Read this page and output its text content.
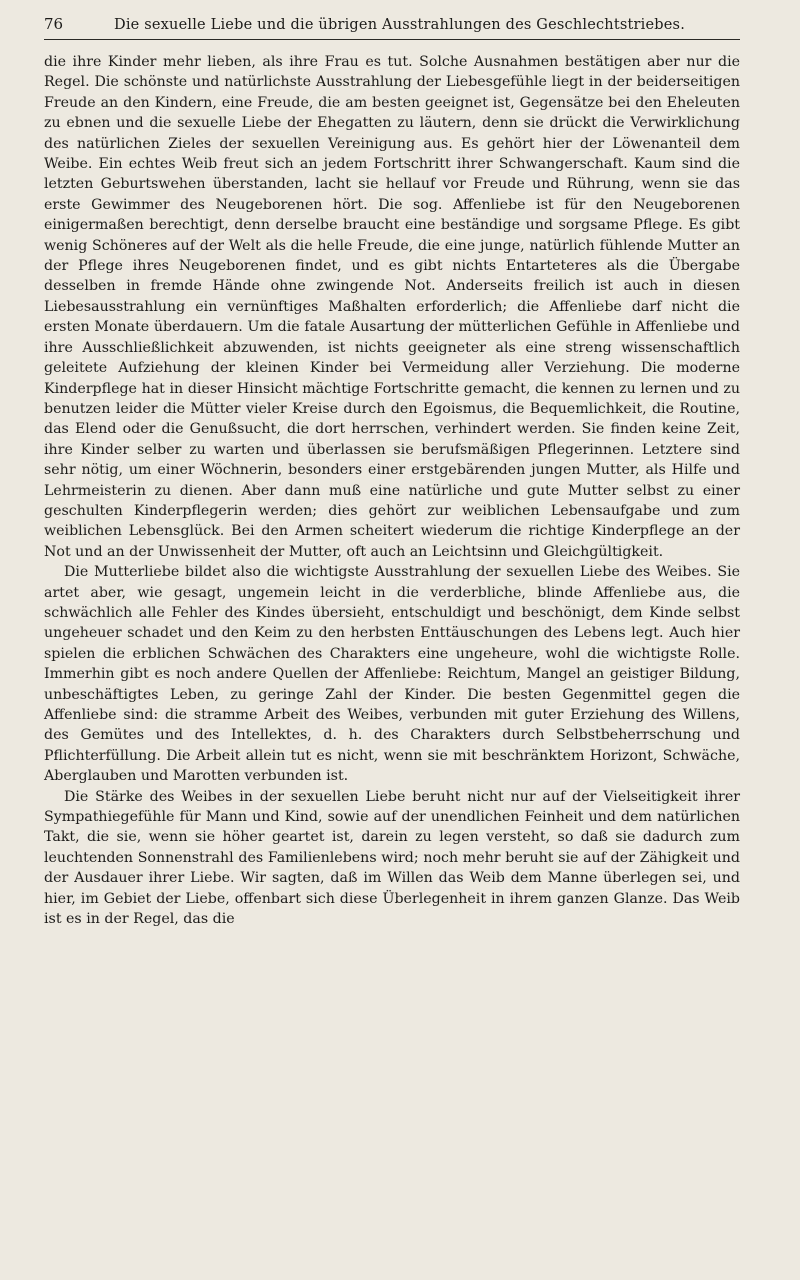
76	Die sexuelle Liebe und die übrigen Ausstrahlungen des Geschlechtstriebes.

die ihre Kinder mehr lieben, als ihre Frau es tut. Solche Ausnahmen bestätigen aber nur die Regel. Die schönste und natürlichste Ausstrahlung der Liebesgefühle liegt in der beiderseitigen Freude an den Kindern, eine Freude, die am besten geeignet ist, Gegensätze bei den Eheleuten zu ebnen und die sexuelle Liebe der Ehegatten zu läutern, denn sie drückt die Verwirklichung des natürlichen Zieles der sexuellen Vereinigung aus. Es gehört hier der Löwenanteil dem Weibe. Ein echtes Weib freut sich an jedem Fortschritt ihrer Schwangerschaft. Kaum sind die letzten Geburtswehen überstanden, lacht sie hellauf vor Freude und Rührung, wenn sie das erste Gewimmer des Neugeborenen hört. Die sog. Affenliebe ist für den Neugeborenen einigermaßen berechtigt, denn derselbe braucht eine beständige und sorgsame Pflege. Es gibt wenig Schöneres auf der Welt als die helle Freude, die eine junge, natürlich fühlende Mutter an der Pflege ihres Neugeborenen findet, und es gibt nichts Entarteteres als die Übergabe desselben in fremde Hände ohne zwingende Not. Anderseits freilich ist auch in diesen Liebesausstrahlung ein vernünftiges Maßhalten erforderlich; die Affenliebe darf nicht die ersten Monate überdauern. Um die fatale Ausartung der mütterlichen Gefühle in Affenliebe und ihre Ausschließlichkeit abzuwenden, ist nichts geeigneter als eine streng wissenschaftlich geleitete Aufziehung der kleinen Kinder bei Vermeidung aller Verziehung. Die moderne Kinderpflege hat in dieser Hinsicht mächtige Fortschritte gemacht, die kennen zu lernen und zu benutzen leider die Mütter vieler Kreise durch den Egoismus, die Bequemlichkeit, die Routine, das Elend oder die Genußsucht, die dort herrschen, verhindert werden. Sie finden keine Zeit, ihre Kinder selber zu warten und überlassen sie berufsmäßigen Pflegerinnen. Letztere sind sehr nötig, um einer Wöchnerin, besonders einer erstgebärenden jungen Mutter, als Hilfe und Lehrmeisterin zu dienen. Aber dann muß eine natürliche und gute Mutter selbst zu einer geschulten Kinderpflegerin werden; dies gehört zur weiblichen Lebensaufgabe und zum weiblichen Lebensglück. Bei den Armen scheitert wiederum die richtige Kinderpflege an der Not und an der Unwissenheit der Mutter, oft auch an Leichtsinn und Gleichgültigkeit.

Die Mutterliebe bildet also die wichtigste Ausstrahlung der sexuellen Liebe des Weibes. Sie artet aber, wie gesagt, ungemein leicht in die verderbliche, blinde Affenliebe aus, die schwächlich alle Fehler des Kindes übersieht, entschuldigt und beschönigt, dem Kinde selbst ungeheuer schadet und den Keim zu den herbsten Enttäuschungen des Lebens legt. Auch hier spielen die erblichen Schwächen des Charakters eine ungeheure, wohl die wichtigste Rolle. Immerhin gibt es noch andere Quellen der Affenliebe: Reichtum, Mangel an geistiger Bildung, unbeschäftigtes Leben, zu geringe Zahl der Kinder. Die besten Gegenmittel gegen die Affenliebe sind: die stramme Arbeit des Weibes, verbunden mit guter Erziehung des Willens, des Gemütes und des Intellektes, d. h. des Charakters durch Selbstbeherrschung und Pflichterfüllung. Die Arbeit allein tut es nicht, wenn sie mit beschränktem Horizont, Schwäche, Aberglauben und Marotten verbunden ist.

Die Stärke des Weibes in der sexuellen Liebe beruht nicht nur auf der Vielseitigkeit ihrer Sympathiegefühle für Mann und Kind, sowie auf der unendlichen Feinheit und dem natürlichen Takt, die sie, wenn sie höher geartet ist, darein zu legen versteht, so daß sie dadurch zum leuchtenden Sonnenstrahl des Familienlebens wird; noch mehr beruht sie auf der Zähigkeit und der Ausdauer ihrer Liebe. Wir sagten, daß im Willen das Weib dem Manne überlegen sei, und hier, im Gebiet der Liebe, offenbart sich diese Überlegenheit in ihrem ganzen Glanze. Das Weib ist es in der Regel, das die
